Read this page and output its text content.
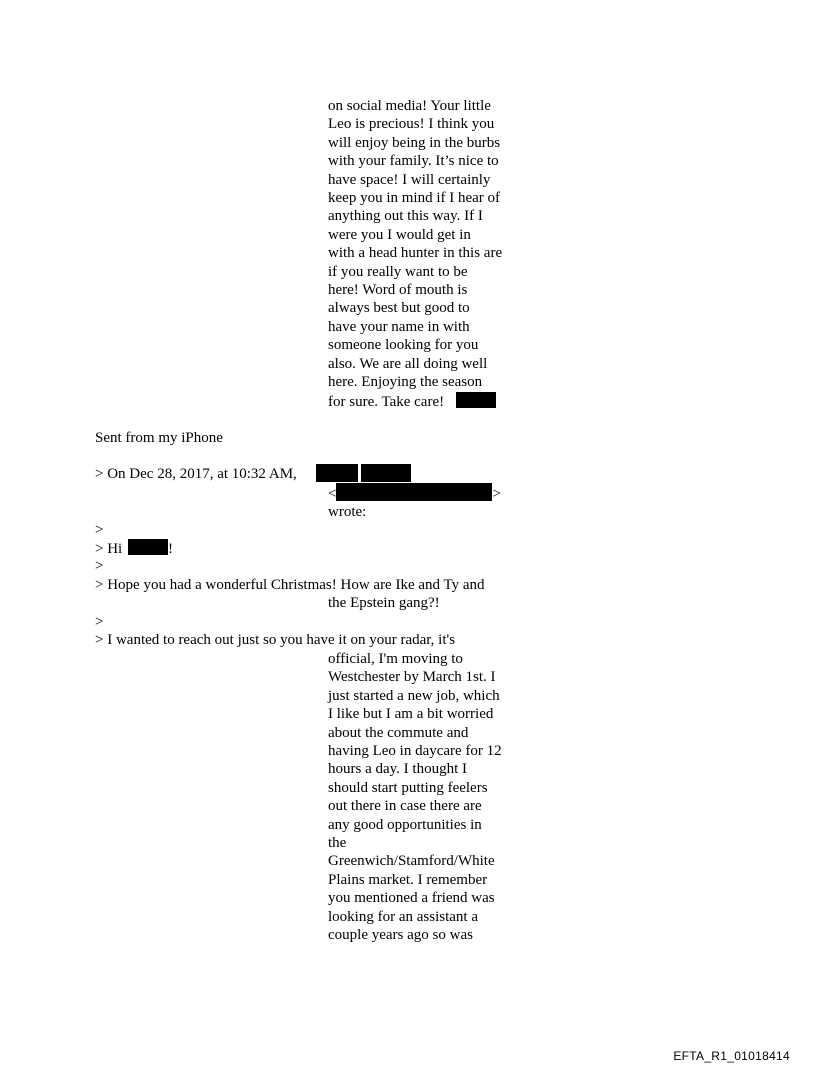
on social media! Your little
Leo is precious! I think you
will enjoy being in the burbs
with your family. It’s nice to
have space! I will certainly
keep you in mind if I hear of
anything out this way. If I
were you I would get in
with a head hunter in this are
if you really want to be
here! Word of mouth is
always best but good to
have your name in with
someone looking for you
also. We are all doing well
here. Enjoying the season
for sure. Take care!
Sent from my iPhone
> On Dec 28, 2017, at 10:32 AM,
<	>
wrote:
>
> Hi	!
>
> Hope you had a wonderful Christmas! How are Ike and Ty and
the Epstein gang?!
>
> I wanted to reach out just so you have it on your radar, it's
official, I'm moving to
Westchester by March 1st. I
just started a new job, which
I like but I am a bit worried
about the commute and
having Leo in daycare for 12
hours a day. I thought I
should start putting feelers
out there in case there are
any good opportunities in
the
Greenwich/Stamford/White
Plains market. I remember
you mentioned a friend was
looking for an assistant a
couple years ago so was
EFTA_R1_01018414
